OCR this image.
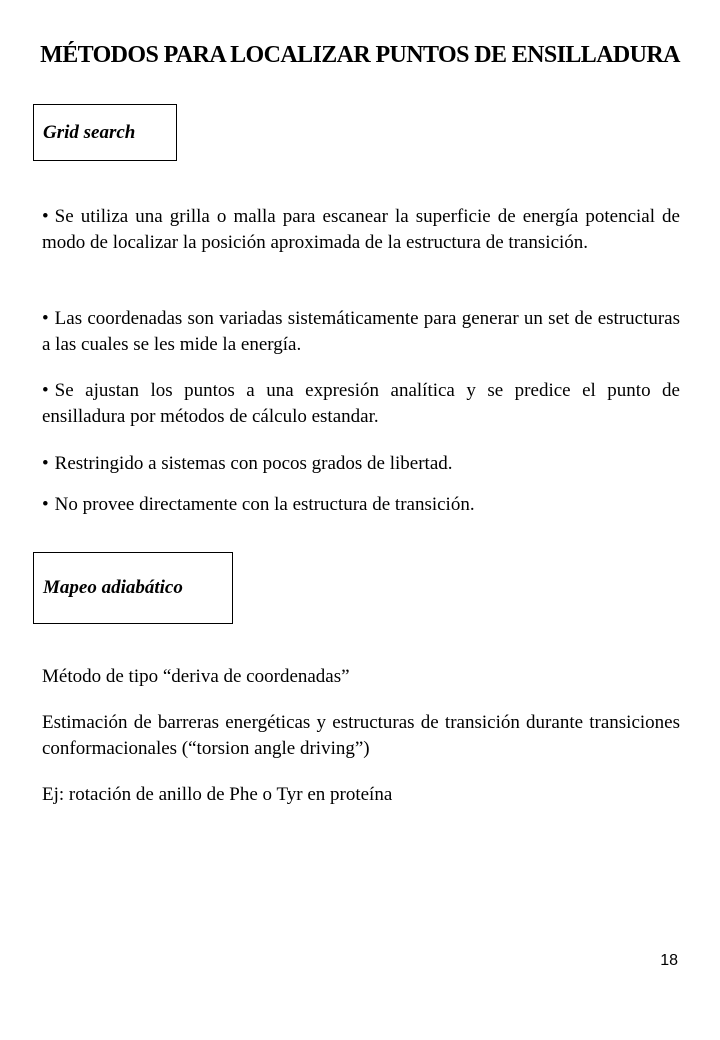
MÉTODOS PARA LOCALIZAR PUNTOS DE ENSILLADURA
Grid search

• Se utiliza una grilla o malla para escanear la superficie de energía potencial de modo de localizar la posición aproximada de la estructura de transición.

• Las coordenadas son variadas sistemáticamente para generar un set de estructuras a las cuales se les mide la energía.

• Se ajustan los puntos a una expresión analítica y se predice el punto de ensilladura por métodos de cálculo estandar.

• Restringido a sistemas con pocos grados de libertad.

• No provee directamente con la estructura de transición.

Mapeo adiabático

Método de tipo “deriva de coordenadas”

Estimación de barreras energéticas y estructuras de transición durante transiciones conformacionales (“torsion angle driving”)

Ej: rotación de anillo de Phe o Tyr en proteína

18
